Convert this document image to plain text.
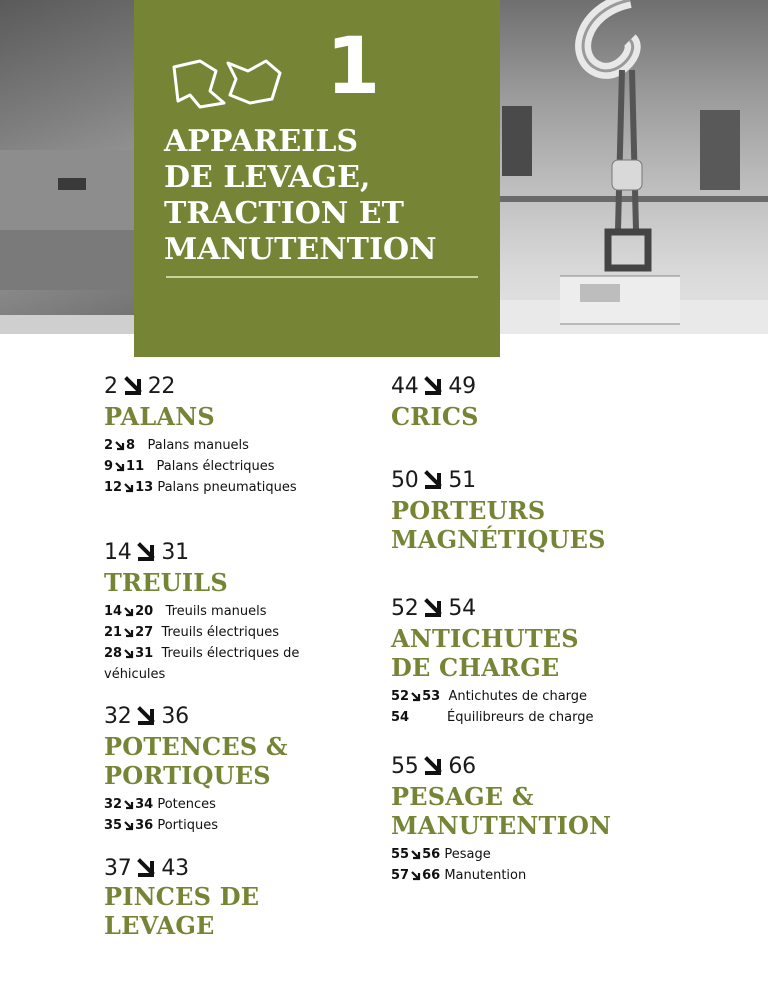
1
APPAREILS
DE LEVAGE,
TRACTION ET
MANUTENTION
2 22
PALANS
2 8 Palans manuels
9 11 Palans électriques
12 13 Palans pneumatiques
14 31
TREUILS
14 20 Treuils manuels
21 27 Treuils électriques
28 31 Treuils électriques de
véhicules
32 36
POTENCES &
PORTIQUES
32 34 Potences
35 36 Portiques
37 43
PINCES DE
LEVAGE
44 49
CRICS
50 51
PORTEURS
MAGNÉTIQUES
52 54
ANTICHUTES
DE CHARGE
52 53 Antichutes de charge
54	Équilibreurs de charge
55 66
PESAGE &
MANUTENTION
55 56 Pesage
57 66 Manutention
